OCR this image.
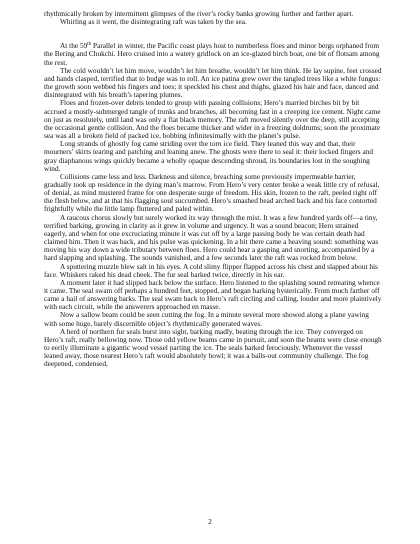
rhythmically broken by intermittent glimpses of the river’s rocky banks growing further and farther apart.

Whirling as it went, the disintegrating raft was taken by the sea.

At the 59th Parallel in winter, the Pacific coast plays host to numberless floes and minor bergs orphaned from the Bering and Chukchi. Hero cruised into a watery gridlock on an ice-glazed birch boat, one bit of flotsam among the rest.

The cold wouldn’t let him move, wouldn’t let him breathe, wouldn’t let him think. He lay supine, feet crossed and hands clasped, terrified that to budge was to roll. An ice patina grew over the tangled trees like a white fungus: the growth soon webbed his fingers and toes; it speckled his chest and thighs, glazed his hair and face, danced and disintegrated with his breath’s tapering plumes.

Floes and frozen-over debris tended to group with passing collisions; Hero’s married birches bit by bit accrued a mostly-submerged tangle of trunks and branches, all becoming fast in a creeping ice cement. Night came on just as resolutely, until land was only a flat black memory. The raft moved silently over the deep, still accepting the occasional gentle collision. And the floes became thicker and wider in a freezing doldrums; soon the proximate sea was all a broken field of packed ice, bobbing infinitesimally with the planet’s pulse.

Long strands of ghostly fog came striding over the torn ice field. They leaned this way and that, their mourners’ skirts tearing and patching and leaning anew. The ghosts were there to seal it: their locked fingers and gray diaphanous wings quickly became a wholly opaque descending shroud, its boundaries lost in the soughing wind.

Collisions came less and less. Darkness and silence, breaching some previously impermeable barrier, gradually took up residence in the dying man’s marrow. From Hero’s very center broke a weak little cry of refusal, of denial, as mind mustered frame for one desperate surge of freedom. His skin, frozen to the raft, peeled right off the flesh below, and at that his flagging soul succumbed. Hero’s smashed head arched back and his face contorted frightfully while the little lamp fluttered and paled within.

A raucous chorus slowly but surely worked its way through the mist. It was a few hundred yards off—a tiny, terrified barking, growing in clarity as it grew in volume and urgency. It was a sound beacon; Hero strained eagerly, and when for one excruciating minute it was cut off by a large passing body he was certain death had claimed him. Then it was back, and his pulse was quickening. In a bit there came a heaving sound: something was moving his way down a wide tributary between floes. Hero could hear a gasping and snorting, accompanied by a hard slapping and splashing. The sounds vanished, and a few seconds later the raft was rocked from below.

A sputtering muzzle blew salt in his eyes. A cold slimy flipper flapped across his chest and slapped about his face. Whiskers raked his dead cheek. The fur seal barked twice, directly in his ear.

A moment later it had slipped back below the surface. Hero listened to the splashing sound retreating whence it came. The seal swam off perhaps a hundred feet, stopped, and began barking hysterically. From much farther off came a hail of answering barks. The seal swam back to Hero’s raft circling and calling, louder and more plaintively with each circuit, while the answerers approached en masse.

Now a sallow beam could be seen cutting the fog. In a minute several more showed along a plane yawing with some huge, barely discernible object’s rhythmically generated waves.

A herd of northern fur seals burst into sight, barking madly, beating through the ice. They converged on Hero’s raft, really bellowing now. Those odd yellow beams came in pursuit, and soon the beams were close enough to eerily illuminate a gigantic wood vessel parting the ice. The seals barked ferociously. Whenever the vessel leaned away, those nearest Hero’s raft would absolutely howl; it was a balls-out community challenge. The fog deepened, condensed,

2
